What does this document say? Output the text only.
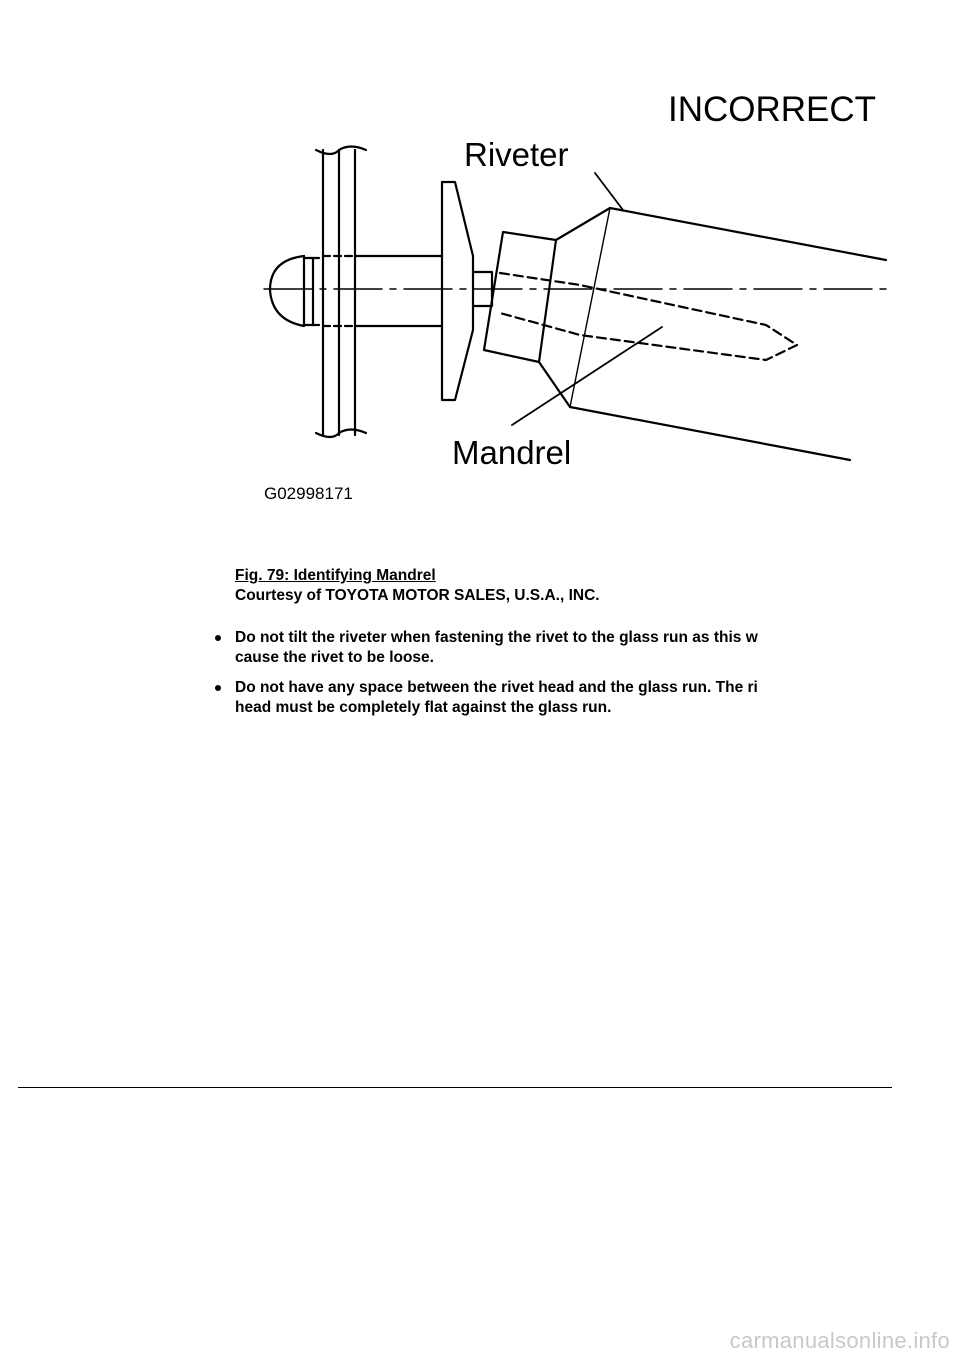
INCORRECT
Riveter
Mandrel
G02998171
Fig. 79: Identifying Mandrel
Courtesy of TOYOTA MOTOR SALES, U.S.A., INC.
Do not tilt the riveter when fastening the rivet to the glass run as this w
cause the rivet to be loose.
Do not have any space between the rivet head and the glass run. The ri
head must be completely flat against the glass run.
carmanualsonline.info
